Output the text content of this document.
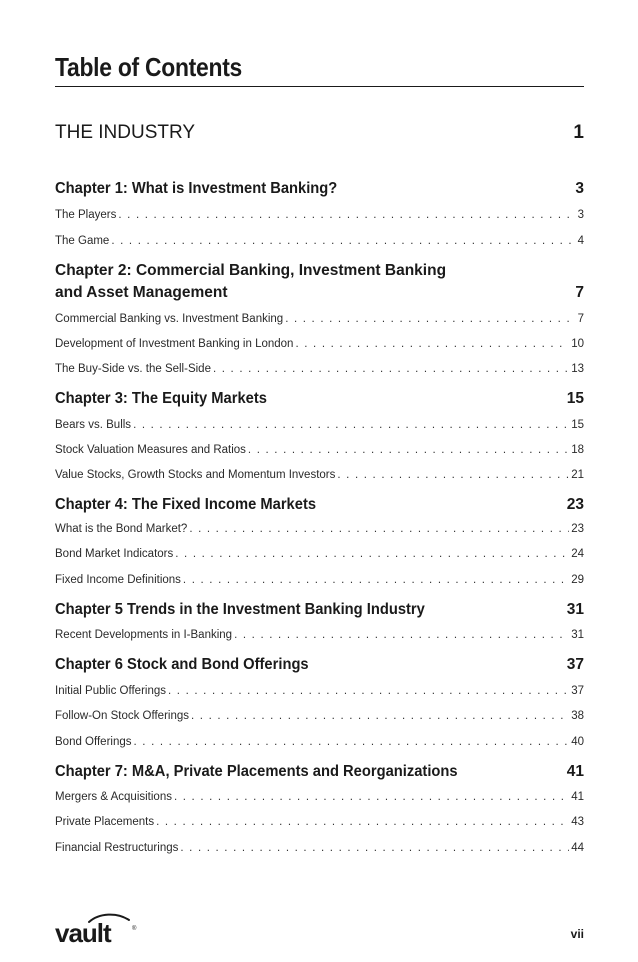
Table of Contents
THE INDUSTRY	1
Chapter 1: What is Investment Banking?	3
The Players . . .	3
The Game . . .	4
Chapter 2: Commercial Banking, Investment Banking
and Asset Management	7
Commercial Banking vs. Investment Banking . . .	7
Development of Investment Banking in London . . .	10
The Buy-Side vs. the Sell-Side . . .	13
Chapter 3: The Equity Markets	15
Bears vs. Bulls . . .	15
Stock Valuation Measures and Ratios . . .	18
Value Stocks, Growth Stocks and Momentum Investors . . .	21
Chapter 4: The Fixed Income Markets	23
What is the Bond Market? . . .	23
Bond Market Indicators . . .	24
Fixed Income Definitions . . .	29
Chapter 5 Trends in the Investment Banking Industry	31
Recent Developments in I-Banking . . .	31
Chapter 6 Stock and Bond Offerings	37
Initial Public Offerings . . .	37
Follow-On Stock Offerings . . .	38
Bond Offerings . . .	40
Chapter 7: M&A, Private Placements and Reorganizations	41
Mergers & Acquisitions . . .	41
Private Placements . . .	43
Financial Restructurings . . .	44
vault	®	vii
